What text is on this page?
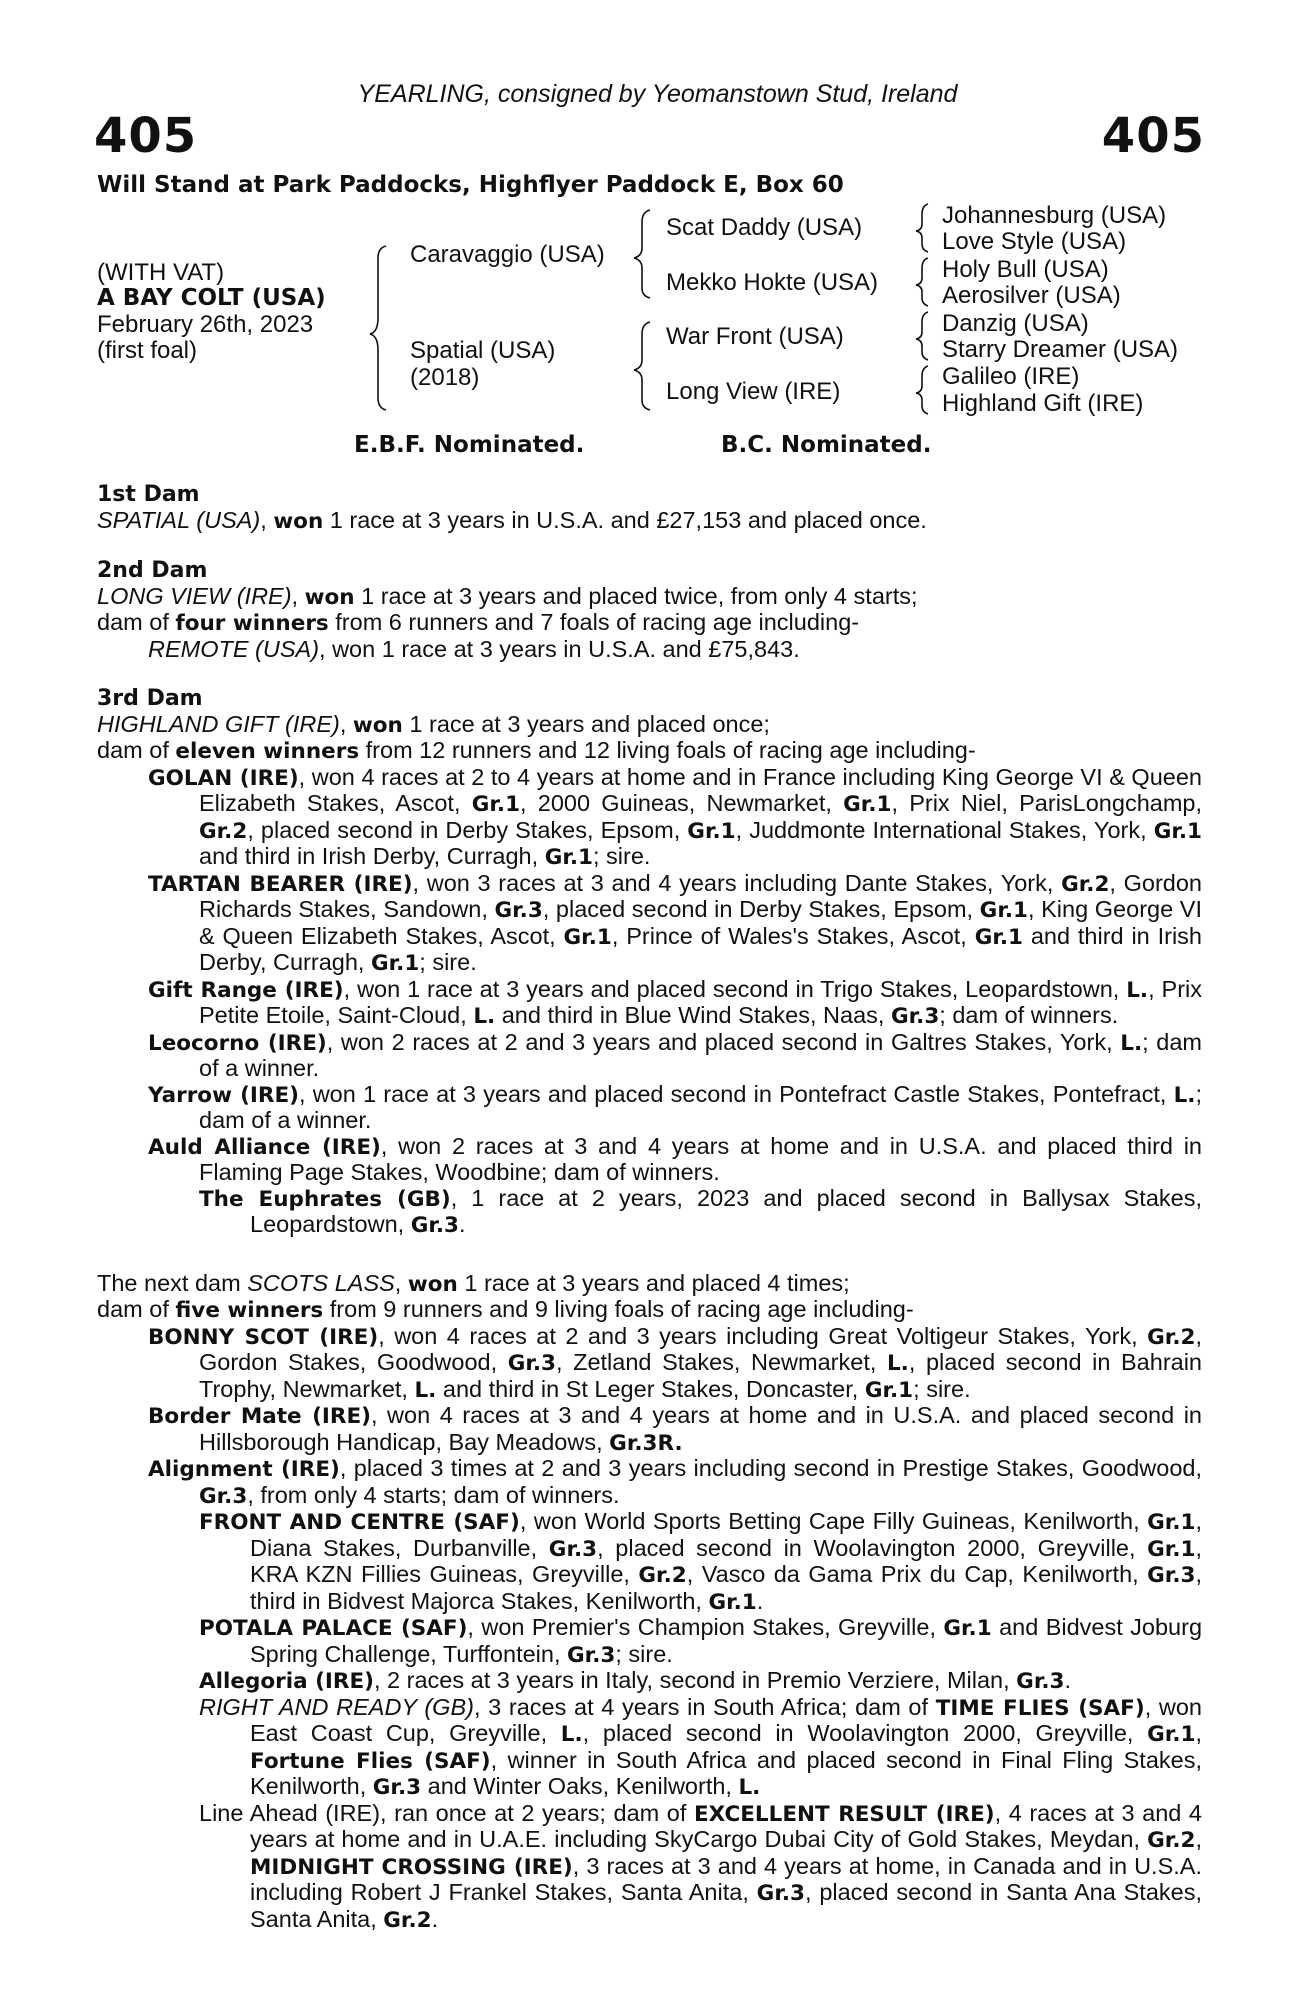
YEARLING, consigned by Yeomanstown Stud, Ireland
405	405
Will Stand at Park Paddocks, Highflyer Paddock E, Box 60
(WITH VAT)
A BAY COLT (USA)
February 26th, 2023
(first foal)
Caravaggio (USA)
Spatial (USA)
(2018)
Scat Daddy (USA)
Mekko Hokte (USA)
War Front (USA)
Long View (IRE)
Johannesburg (USA)
Love Style (USA)
Holy Bull (USA)
Aerosilver (USA)
Danzig (USA)
Starry Dreamer (USA)
Galileo (IRE)
Highland Gift (IRE)
E.B.F. Nominated.	B.C. Nominated.

1st Dam

SPATIAL (USA), won 1 race at 3 years in U.S.A. and £27,153 and placed once.

2nd Dam

LONG VIEW (IRE), won 1 race at 3 years and placed twice, from only 4 starts;

dam of four winners from 6 runners and 7 foals of racing age including-

REMOTE (USA), won 1 race at 3 years in U.S.A. and £75,843.

3rd Dam

HIGHLAND GIFT (IRE), won 1 race at 3 years and placed once;

dam of eleven winners from 12 runners and 12 living foals of racing age including-

GOLAN (IRE), won 4 races at 2 to 4 years at home and in France including King George VI & Queen Elizabeth Stakes, Ascot, Gr.1, 2000 Guineas, Newmarket, Gr.1, Prix Niel, ParisLongchamp, Gr.2, placed second in Derby Stakes, Epsom, Gr.1, Juddmonte International Stakes, York, Gr.1 and third in Irish Derby, Curragh, Gr.1; sire.

TARTAN BEARER (IRE), won 3 races at 3 and 4 years including Dante Stakes, York, Gr.2, Gordon Richards Stakes, Sandown, Gr.3, placed second in Derby Stakes, Epsom, Gr.1, King George VI & Queen Elizabeth Stakes, Ascot, Gr.1, Prince of Wales's Stakes, Ascot, Gr.1 and third in Irish Derby, Curragh, Gr.1; sire.

Gift Range (IRE), won 1 race at 3 years and placed second in Trigo Stakes, Leopardstown, L., Prix Petite Etoile, Saint-Cloud, L. and third in Blue Wind Stakes, Naas, Gr.3; dam of winners.

Leocorno (IRE), won 2 races at 2 and 3 years and placed second in Galtres Stakes, York, L.; dam of a winner.

Yarrow (IRE), won 1 race at 3 years and placed second in Pontefract Castle Stakes, Pontefract, L.; dam of a winner.

Auld Alliance (IRE), won 2 races at 3 and 4 years at home and in U.S.A. and placed third in Flaming Page Stakes, Woodbine; dam of winners.

The Euphrates (GB), 1 race at 2 years, 2023 and placed second in Ballysax Stakes, Leopardstown, Gr.3.

The next dam SCOTS LASS, won 1 race at 3 years and placed 4 times;

dam of five winners from 9 runners and 9 living foals of racing age including-

BONNY SCOT (IRE), won 4 races at 2 and 3 years including Great Voltigeur Stakes, York, Gr.2, Gordon Stakes, Goodwood, Gr.3, Zetland Stakes, Newmarket, L., placed second in Bahrain Trophy, Newmarket, L. and third in St Leger Stakes, Doncaster, Gr.1; sire.

Border Mate (IRE), won 4 races at 3 and 4 years at home and in U.S.A. and placed second in Hillsborough Handicap, Bay Meadows, Gr.3R.

Alignment (IRE), placed 3 times at 2 and 3 years including second in Prestige Stakes, Goodwood, Gr.3, from only 4 starts; dam of winners.

FRONT AND CENTRE (SAF), won World Sports Betting Cape Filly Guineas, Kenilworth, Gr.1, Diana Stakes, Durbanville, Gr.3, placed second in Woolavington 2000, Greyville, Gr.1, KRA KZN Fillies Guineas, Greyville, Gr.2, Vasco da Gama Prix du Cap, Kenilworth, Gr.3, third in Bidvest Majorca Stakes, Kenilworth, Gr.1.

POTALA PALACE (SAF), won Premier's Champion Stakes, Greyville, Gr.1 and Bidvest Joburg Spring Challenge, Turffontein, Gr.3; sire.

Allegoria (IRE), 2 races at 3 years in Italy, second in Premio Verziere, Milan, Gr.3.

RIGHT AND READY (GB), 3 races at 4 years in South Africa; dam of TIME FLIES (SAF), won East Coast Cup, Greyville, L., placed second in Woolavington 2000, Greyville, Gr.1, Fortune Flies (SAF), winner in South Africa and placed second in Final Fling Stakes, Kenilworth, Gr.3 and Winter Oaks, Kenilworth, L.

Line Ahead (IRE), ran once at 2 years; dam of EXCELLENT RESULT (IRE), 4 races at 3 and 4 years at home and in U.A.E. including SkyCargo Dubai City of Gold Stakes, Meydan, Gr.2, MIDNIGHT CROSSING (IRE), 3 races at 3 and 4 years at home, in Canada and in U.S.A. including Robert J Frankel Stakes, Santa Anita, Gr.3, placed second in Santa Ana Stakes, Santa Anita, Gr.2.
